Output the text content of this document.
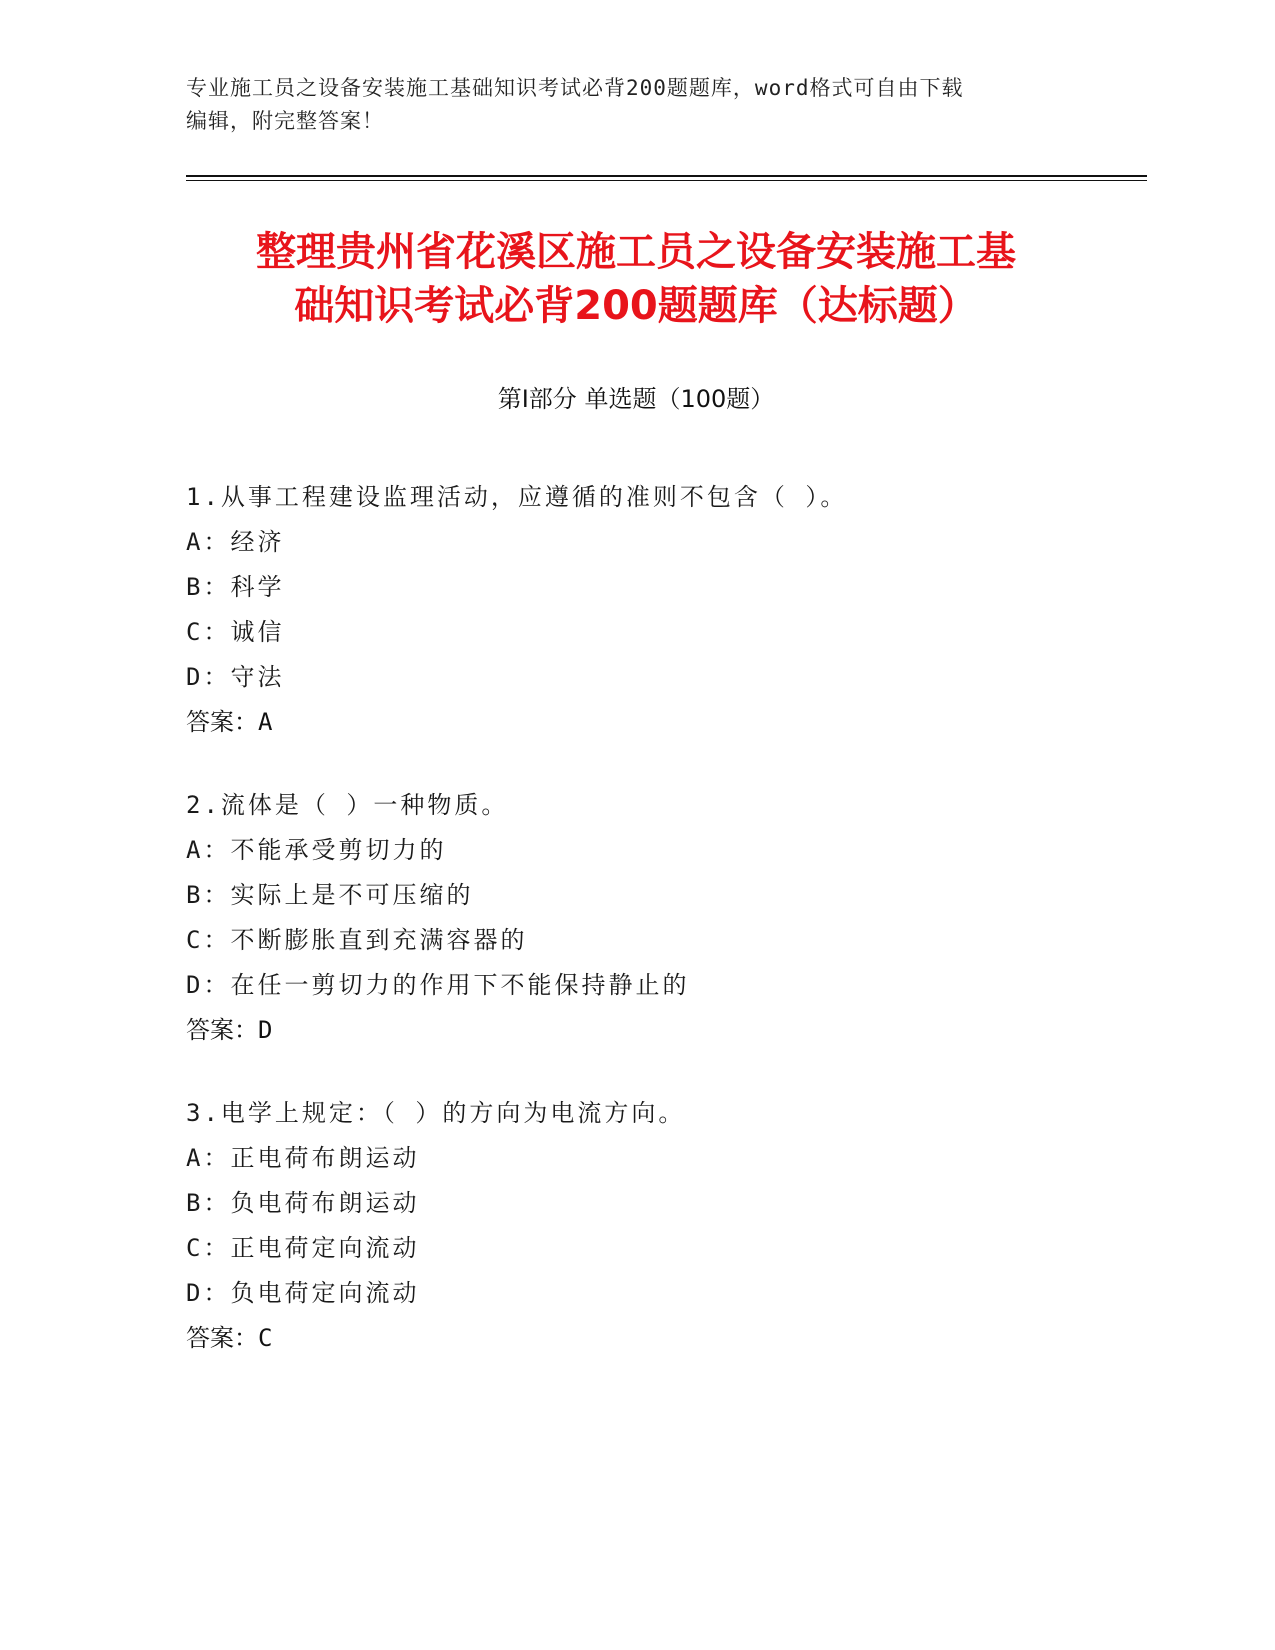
专业施工员之设备安装施工基础知识考试必背200题题库，word格式可自由下载
编辑，附完整答案！
整理贵州省花溪区施工员之设备安装施工基
础知识考试必背200题题库（达标题）
第Ⅰ部分 单选题（100题）
1.从事工程建设监理活动，应遵循的准则不包含（ ）。
A：经济
B：科学
C：诚信
D：守法
答案：A
2.流体是（ ）一种物质。
A：不能承受剪切力的
B：实际上是不可压缩的
C：不断膨胀直到充满容器的
D：在任一剪切力的作用下不能保持静止的
答案：D
3.电学上规定：（ ）的方向为电流方向。
A：正电荷布朗运动
B：负电荷布朗运动
C：正电荷定向流动
D：负电荷定向流动
答案：C
